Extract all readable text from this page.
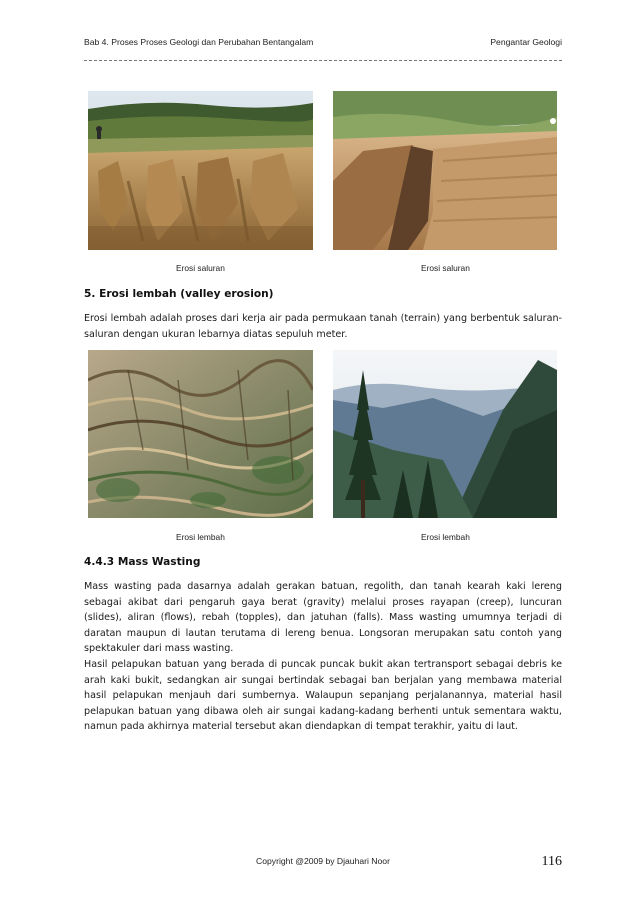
Bab 4. Proses Proses Geologi dan Perubahan Bentangalam	Pengantar Geologi
Erosi saluran	Erosi saluran
5. Erosi lembah (valley erosion)

Erosi lembah adalah proses dari kerja air pada permukaan tanah (terrain) yang berbentuk saluran-saluran dengan ukuran lebarnya diatas sepuluh meter.

Erosi lembah	Erosi lembah
4.4.3 Mass Wasting

Mass wasting pada dasarnya adalah gerakan batuan, regolith, dan tanah kearah kaki lereng sebagai akibat dari pengaruh gaya berat (gravity) melalui proses rayapan (creep), luncuran (slides), aliran (flows), rebah (topples), dan jatuhan (falls). Mass wasting umumnya terjadi di daratan maupun di lautan terutama di lereng benua. Longsoran merupakan satu contoh yang spektakuler dari mass wasting.

Hasil pelapukan batuan yang berada di puncak puncak bukit akan tertransport sebagai debris ke arah kaki bukit, sedangkan air sungai bertindak sebagai ban berjalan yang membawa material hasil pelapukan menjauh dari sumbernya. Walaupun sepanjang perjalanannya, material hasil pelapukan batuan yang dibawa oleh air sungai kadang-kadang berhenti untuk sementara waktu, namun pada akhirnya material tersebut akan diendapkan di tempat terakhir, yaitu di laut.

Copyright @2009 by Djauhari Noor	116
